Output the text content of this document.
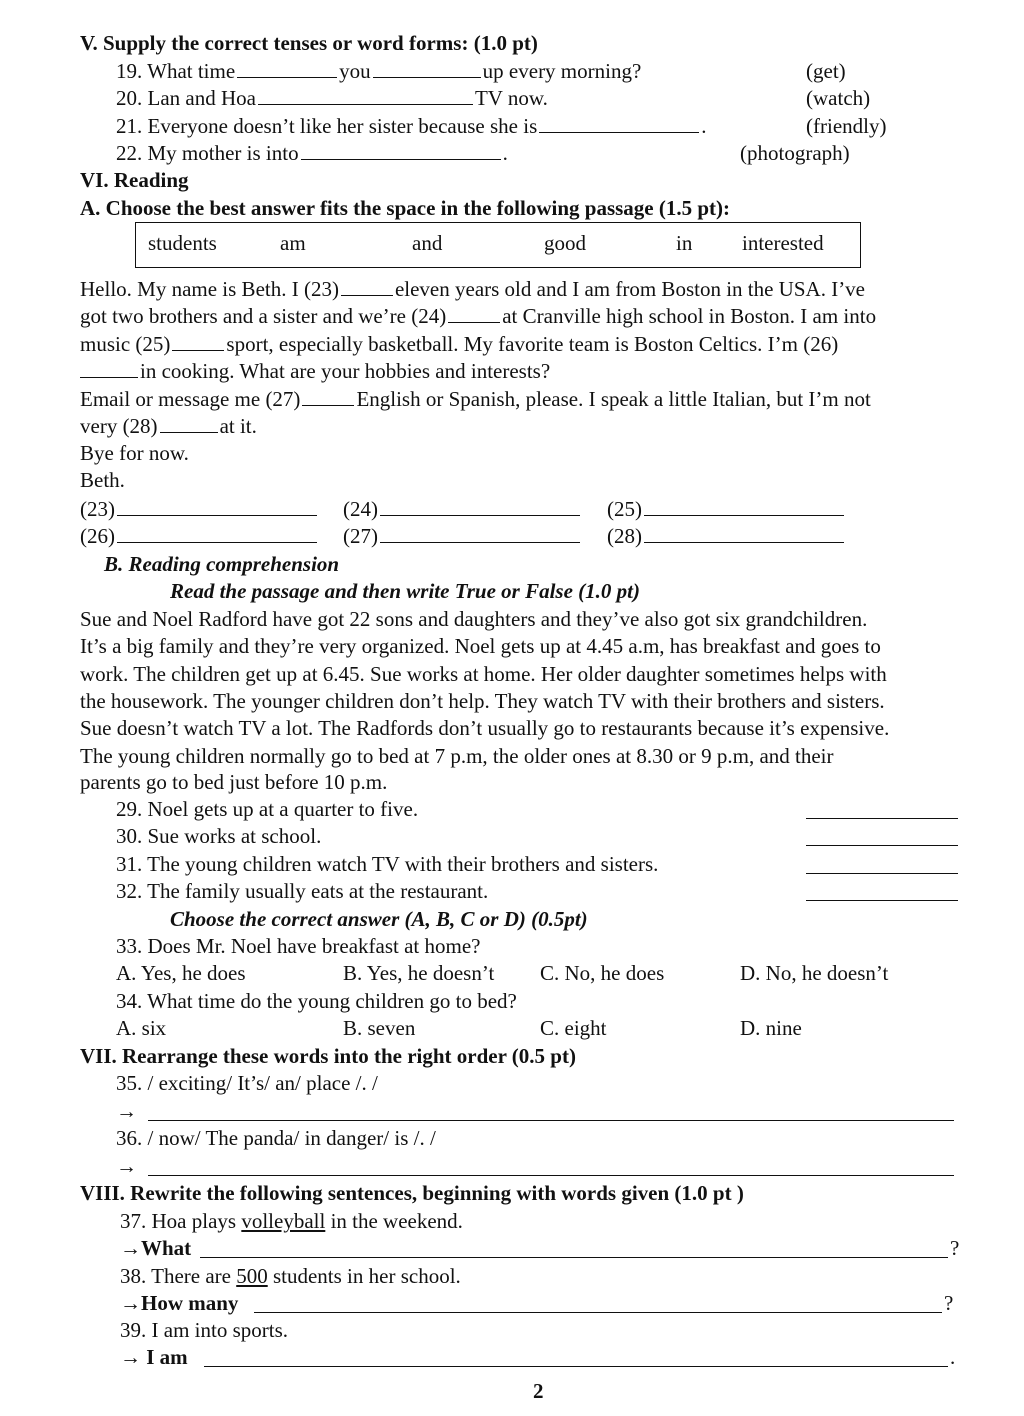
V. Supply the correct tenses or word forms: (1.0 pt)
19. What time	you	up every morning?	(get)
20. Lan and Hoa	TV now.	(watch)
21. Everyone doesn’t like her sister because she is	.	(friendly)
22. My mother is into	.	(photograph)
VI. Reading
A. Choose the best answer fits the space in the following passage (1.5 pt):
students	am	and	good	in interested
Hello. My name is Beth. I (23)	eleven years old and I am from Boston in the USA. I’ve
got two brothers and a sister and we’re (24)	at Cranville high school in Boston. I am into
music (25)	sport, especially basketball. My favorite team is Boston Celtics. I’m (26)
in cooking. What are your hobbies and interests?
Email or message me (27)	English or Spanish, please. I speak a little Italian, but I’m not
very (28)	at it.
Bye for now.
Beth.
(23)	(24)	(25)
(26)	(27)	(28)
B. Reading comprehension
Read the passage and then write True or False (1.0 pt)
Sue and Noel Radford have got 22 sons and daughters and they’ve also got six grandchildren.
It’s a big family and they’re very organized. Noel gets up at 4.45 a.m, has breakfast and goes to
work. The children get up at 6.45. Sue works at home. Her older daughter sometimes helps with
the housework. The younger children don’t help. They watch TV with their brothers and sisters.
Sue doesn’t watch TV a lot. The Radfords don’t usually go to restaurants because it’s expensive.
The young children normally go to bed at 7 p.m, the older ones at 8.30 or 9 p.m, and their
parents go to bed just before 10 p.m.
29. Noel gets up at a quarter to five.
30. Sue works at school.
31. The young children watch TV with their brothers and sisters.
32. The family usually eats at the restaurant.
Choose the correct answer (A, B, C or D) (0.5pt)
33. Does Mr. Noel have breakfast at home?
A. Yes, he does	B. Yes, he doesn’t C. No, he does	D. No, he doesn’t
34. What time do the young children go to bed?
A. six	B. seven	C. eight	D. nine
VII. Rearrange these words into the right order (0.5 pt)
35. / exciting/ It’s/ an/ place /. /
→
36. / now/ The panda/ in danger/ is /. /
→
VIII. Rewrite the following sentences, beginning with words given (1.0 pt )
37. Hoa plays volleyball in the weekend.
→What	?
38. There are 500 students in her school.
→How many	?
39. I am into sports.
→ I am	.
2
